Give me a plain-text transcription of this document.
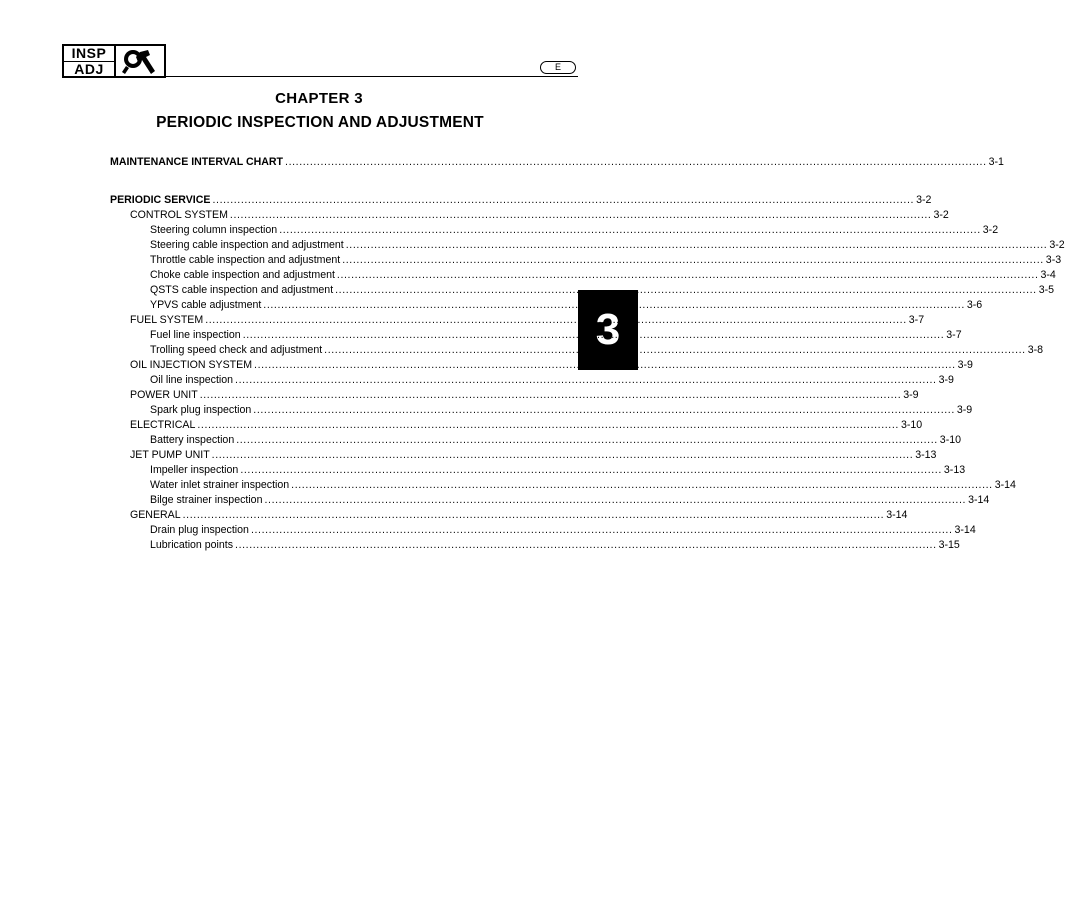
INSP
ADJ	E
CHAPTER 3
PERIODIC INSPECTION AND ADJUSTMENT
3
MAINTENANCE INTERVAL CHART ...................................................................................................................................................................................................... 3-1
PERIODIC SERVICE ...................................................................................................................................................................................................... 3-2
CONTROL SYSTEM ...................................................................................................................................................................................................... 3-2
Steering column inspection ...................................................................................................................................................................................................... 3-2
Steering cable inspection and adjustment ...................................................................................................................................................................................................... 3-2
Throttle cable inspection and adjustment ...................................................................................................................................................................................................... 3-3
Choke cable inspection and adjustment ...................................................................................................................................................................................................... 3-4
QSTS cable inspection and adjustment ...................................................................................................................................................................................................... 3-5
YPVS cable adjustment ...................................................................................................................................................................................................... 3-6
FUEL SYSTEM ...................................................................................................................................................................................................... 3-7
Fuel line inspection ...................................................................................................................................................................................................... 3-7
Trolling speed check and adjustment ...................................................................................................................................................................................................... 3-8
OIL INJECTION SYSTEM ...................................................................................................................................................................................................... 3-9
Oil line inspection ...................................................................................................................................................................................................... 3-9
POWER UNIT ...................................................................................................................................................................................................... 3-9
Spark plug inspection ...................................................................................................................................................................................................... 3-9
ELECTRICAL ...................................................................................................................................................................................................... 3-10
Battery inspection ...................................................................................................................................................................................................... 3-10
JET PUMP UNIT ...................................................................................................................................................................................................... 3-13
Impeller inspection ...................................................................................................................................................................................................... 3-13
Water inlet strainer inspection ...................................................................................................................................................................................................... 3-14
Bilge strainer inspection ...................................................................................................................................................................................................... 3-14
GENERAL ...................................................................................................................................................................................................... 3-14
Drain plug inspection ...................................................................................................................................................................................................... 3-14
Lubrication points ...................................................................................................................................................................................................... 3-15
